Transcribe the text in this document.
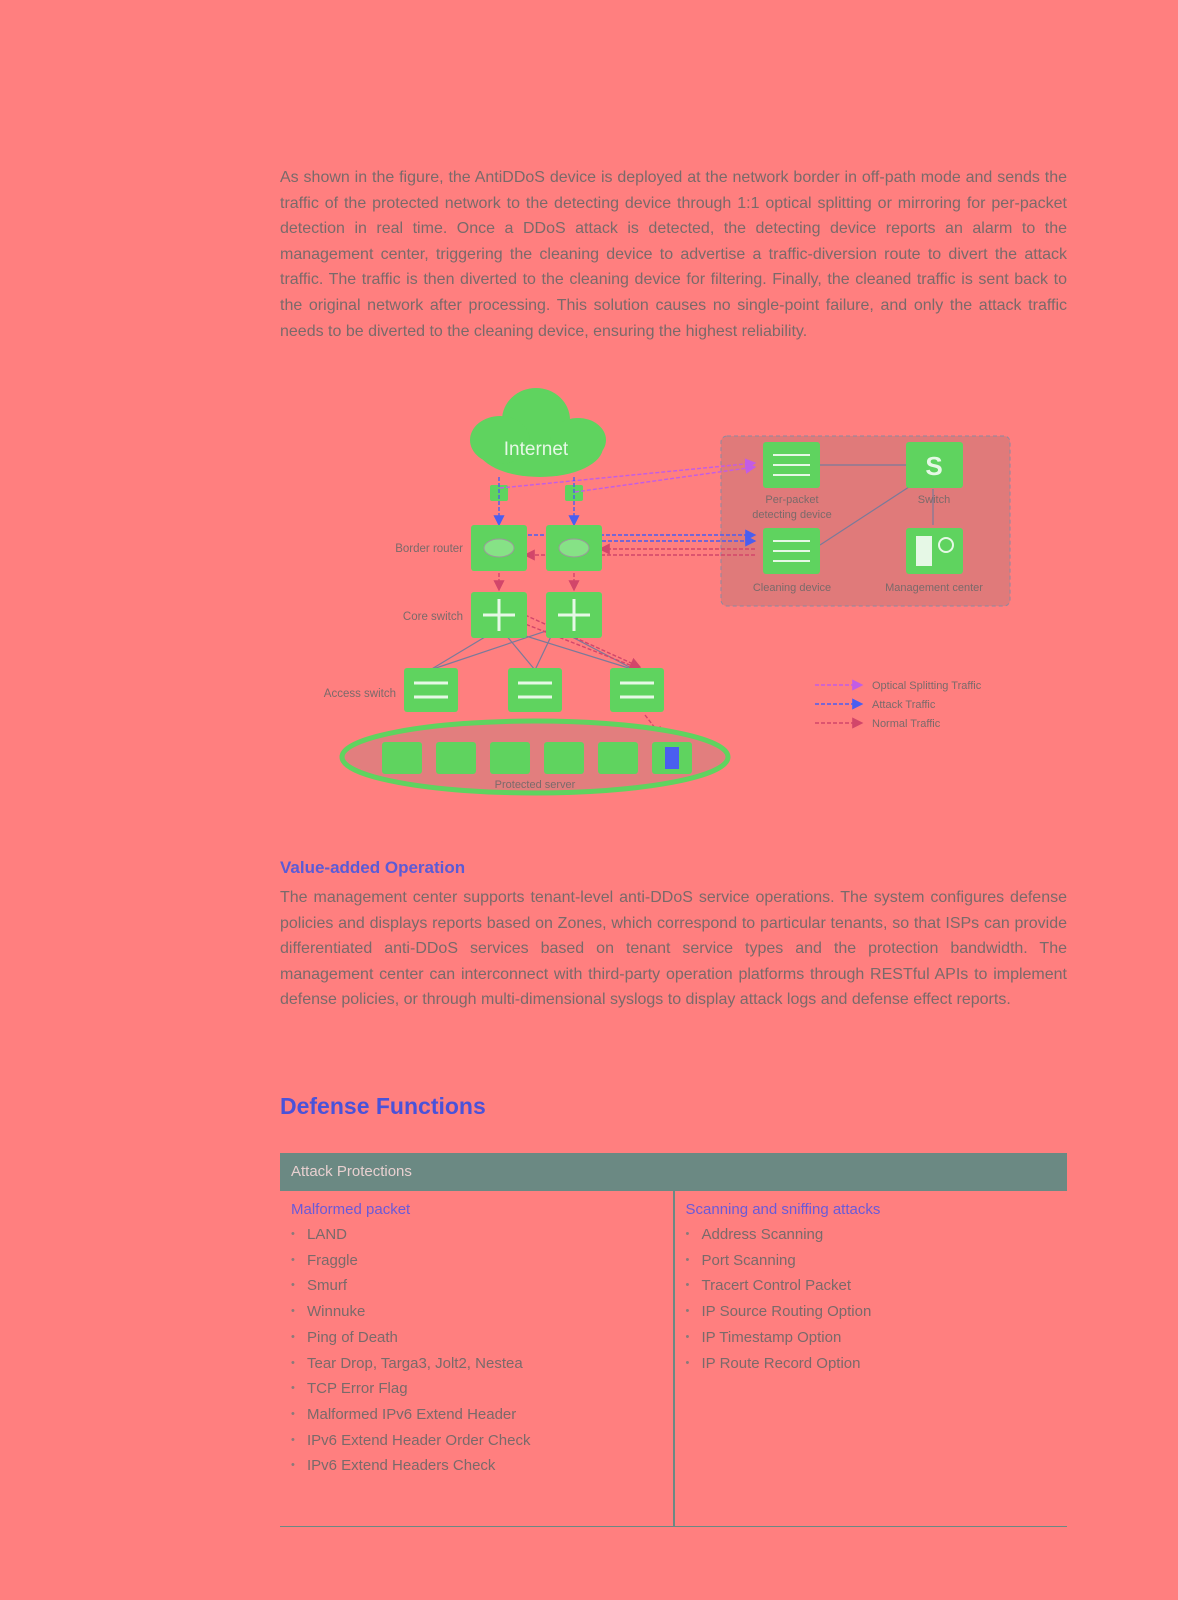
As shown in the figure, the AntiDDoS device is deployed at the network border in off-path mode and sends the traffic of the protected network to the detecting device through 1:1 optical splitting or mirroring for per-packet detection in real time. Once a DDoS attack is detected, the detecting device reports an alarm to the management center, triggering the cleaning device to advertise a traffic-diversion route to divert the attack traffic. The traffic is then diverted to the cleaning device for filtering. Finally, the cleaned traffic is sent back to the original network after processing. This solution causes no single-point failure, and only the attack traffic needs to be diverted to the cleaning device, ensuring the highest reliability.

Internet
Border router
Core switch
Access switch
Protected server
Per-packet
detecting device
S
Switch
Cleaning device	Management center
Optical Splitting Traffic
Attack Traffic
Normal Traffic
Value-added Operation

The management center supports tenant-level anti-DDoS service operations. The system configures defense policies and displays reports based on Zones, which correspond to particular tenants, so that ISPs can provide differentiated anti-DDoS services based on tenant service types and the protection bandwidth. The management center can interconnect with third-party operation platforms through RESTful APIs to implement defense policies, or through multi-dimensional syslogs to display attack logs and defense effect reports.

Defense Functions
Attack Protections
Malformed packet
• LAND
• Fraggle
• Smurf
• Winnuke
• Ping of Death
• Tear Drop, Targa3, Jolt2, Nestea
• TCP Error Flag
• Malformed IPv6 Extend Header
• IPv6 Extend Header Order Check
• IPv6 Extend Headers Check
Scanning and sniffing attacks
• Address Scanning
• Port Scanning
• Tracert Control Packet
• IP Source Routing Option
• IP Timestamp Option
• IP Route Record Option
